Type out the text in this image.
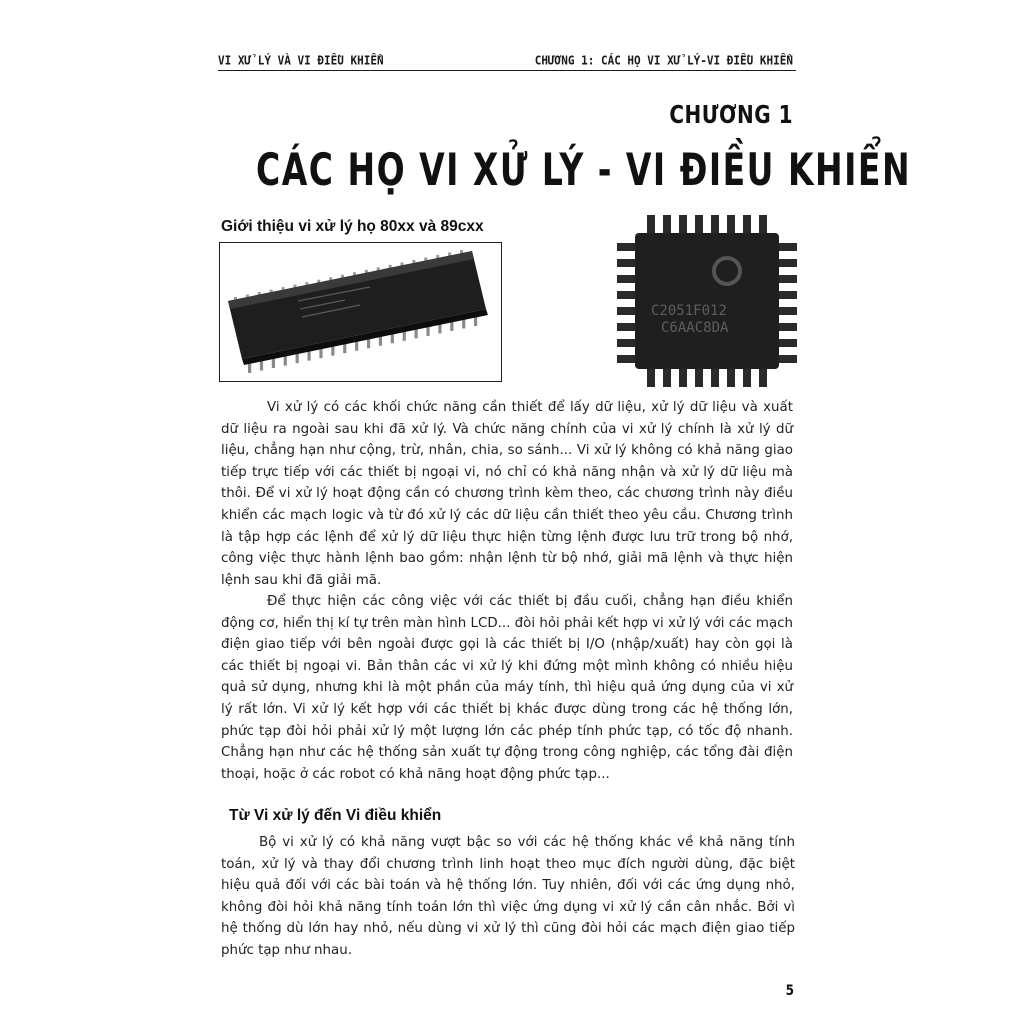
VI XỬ LÝ VÀ VI ĐIỀU KHIỂN	CHƯƠNG 1: CÁC HỌ VI XỬ LÝ-VI ĐIỀU KHIỂN
CHƯƠNG 1
CÁC HỌ VI XỬ LÝ - VI ĐIỀU KHIỂN
Giới thiệu vi xử lý họ 80xx và 89cxx
C2051F012
C6AAC8DA

Vi xử lý có các khối chức năng cần thiết để lấy dữ liệu, xử lý dữ liệu và xuất dữ liệu ra ngoài sau khi đã xử lý. Và chức năng chính của vi xử lý chính là xử lý dữ liệu, chẳng hạn như cộng, trừ, nhân, chia, so sánh... Vi xử lý không có khả năng giao tiếp trực tiếp với các thiết bị ngoại vi, nó chỉ có khả năng nhận và xử lý dữ liệu mà thôi. Để vi xử lý hoạt động cần có chương trình kèm theo, các chương trình này điều khiển các mạch logic và từ đó xử lý các dữ liệu cần thiết theo yêu cầu. Chương trình là tập hợp các lệnh để xử lý dữ liệu thực hiện từng lệnh được lưu trữ trong bộ nhớ, công việc thực hành lệnh bao gồm: nhận lệnh từ bộ nhớ, giải mã lệnh và thực hiện lệnh sau khi đã giải mã.

Để thực hiện các công việc với các thiết bị đầu cuối, chẳng hạn điều khiển động cơ, hiển thị kí tự trên màn hình LCD... đòi hỏi phải kết hợp vi xử lý với các mạch điện giao tiếp với bên ngoài được gọi là các thiết bị I/O (nhập/xuất) hay còn gọi là các thiết bị ngoại vi. Bản thân các vi xử lý khi đứng một mình không có nhiều hiệu quả sử dụng, nhưng khi là một phần của máy tính, thì hiệu quả ứng dụng của vi xử lý rất lớn. Vi xử lý kết hợp với các thiết bị khác được dùng trong các hệ thống lớn, phức tạp đòi hỏi phải xử lý một lượng lớn các phép tính phức tạp, có tốc độ nhanh. Chẳng hạn như các hệ thống sản xuất tự động trong công nghiệp, các tổng đài điện thoại, hoặc ở các robot có khả năng hoạt động phức tạp...

Từ Vi xử lý đến Vi điều khiển

Bộ vi xử lý có khả năng vượt bậc so với các hệ thống khác về khả năng tính toán, xử lý và thay đổi chương trình linh hoạt theo mục đích người dùng, đặc biệt hiệu quả đối với các bài toán và hệ thống lớn. Tuy nhiên, đối với các ứng dụng nhỏ, không đòi hỏi khả năng tính toán lớn thì việc ứng dụng vi xử lý cần cân nhắc. Bởi vì hệ thống dù lớn hay nhỏ, nếu dùng vi xử lý thì cũng đòi hỏi các mạch điện giao tiếp phức tạp như nhau.

5
